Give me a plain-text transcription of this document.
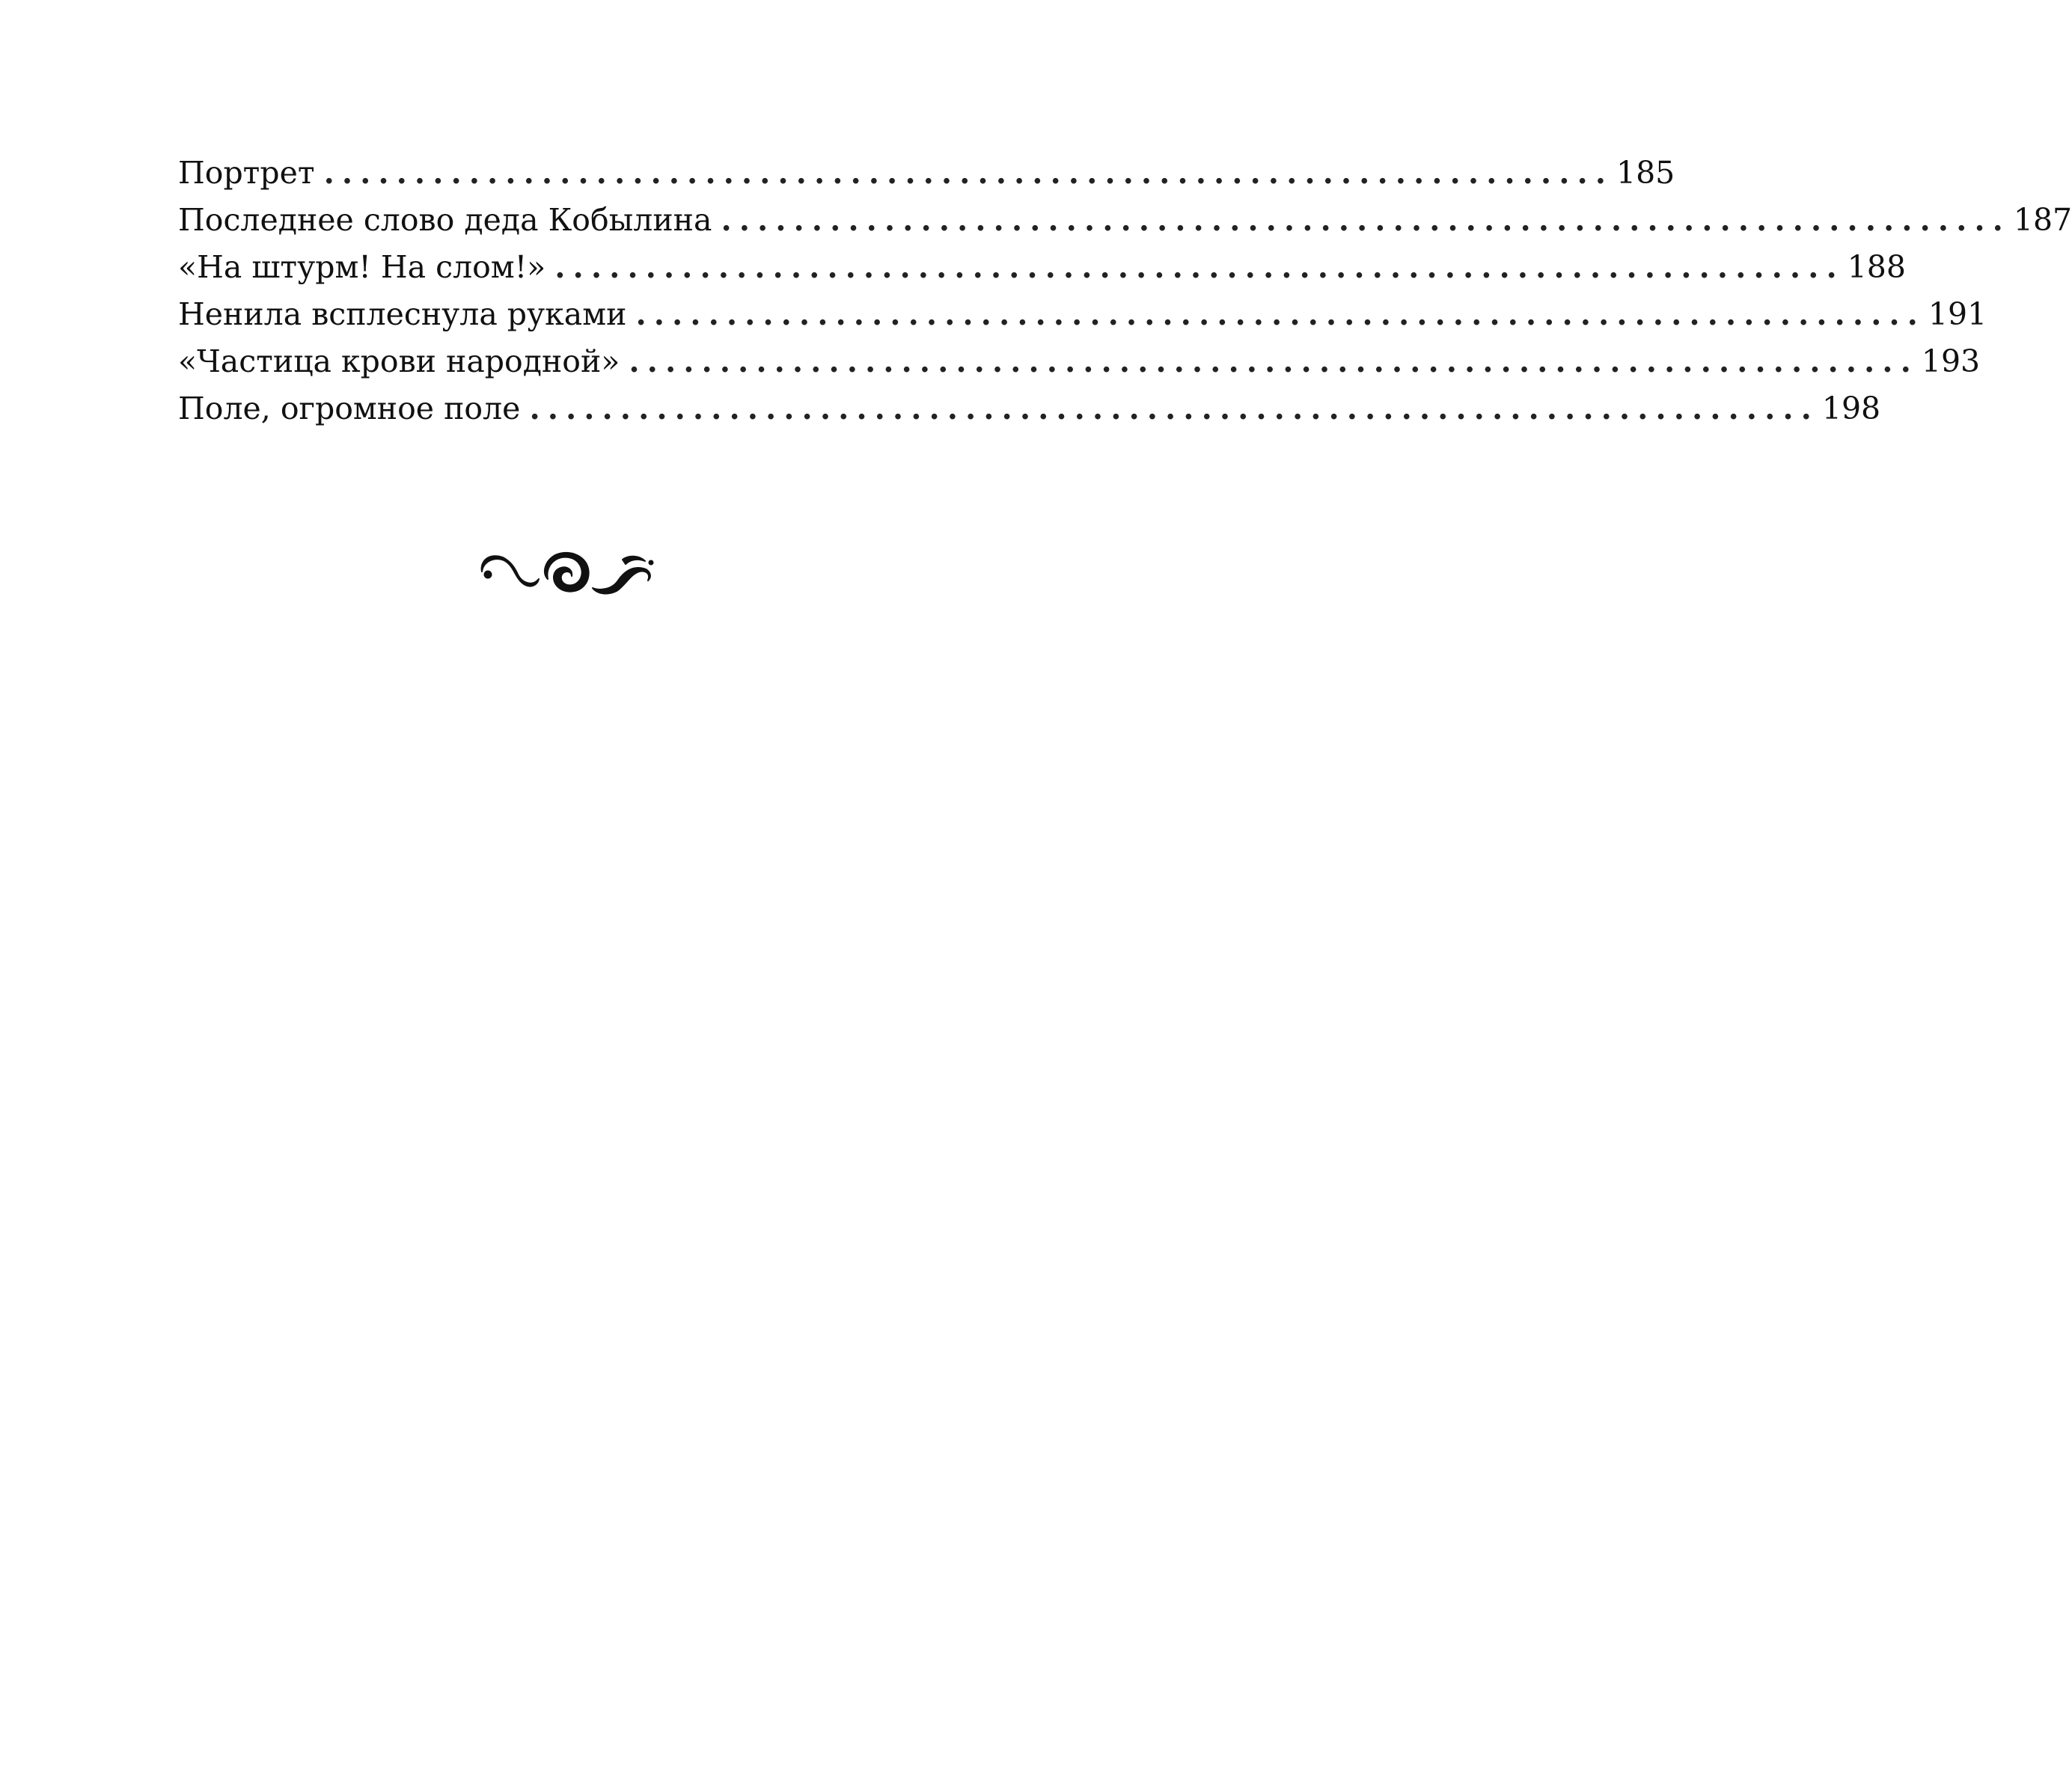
Портрет ....................................................................... 185
Последнее слово деда Кобылина ....................................................................... 187
«На штурм! На слом!» ....................................................................... 188
Ненила всплеснула руками ....................................................................... 191
«Частица крови народной» ....................................................................... 193
Поле, огромное поле ....................................................................... 198
